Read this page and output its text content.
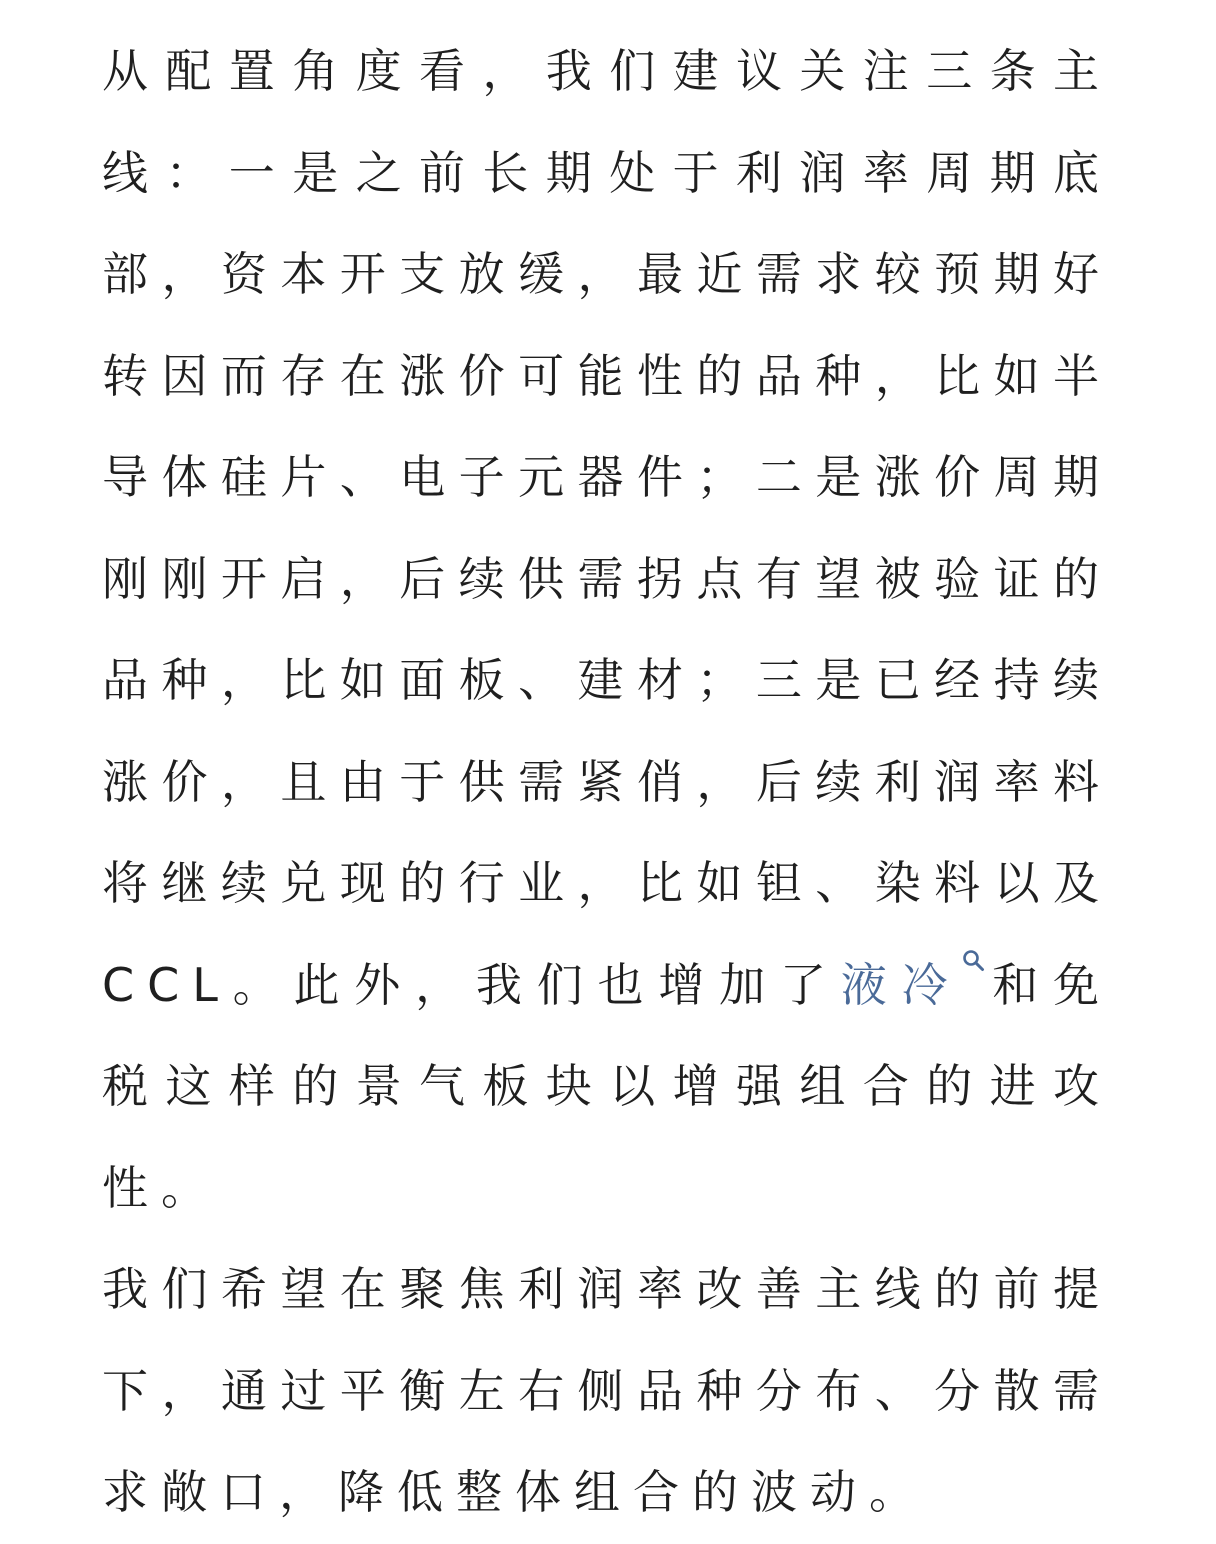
从配置角度看，我们建议关注三条主线：一是之前长期处于利润率周期底部，资本开支放缓，最近需求较预期好转因而存在涨价可能性的品种，比如半导体硅片、电子元器件；二是涨价周期刚刚开启，后续供需拐点有望被验证的品种，比如面板、建材；三是已经持续涨价，且由于供需紧俏，后续利润率料将继续兑现的行业，比如钽、染料以及CCL。此外，我们也增加了液冷 和免税这样的景气板块以增强组合的进攻性。

我们希望在聚焦利润率改善主线的前提下，通过平衡左右侧品种分布、分散需求敞口，降低整体组合的波动。
